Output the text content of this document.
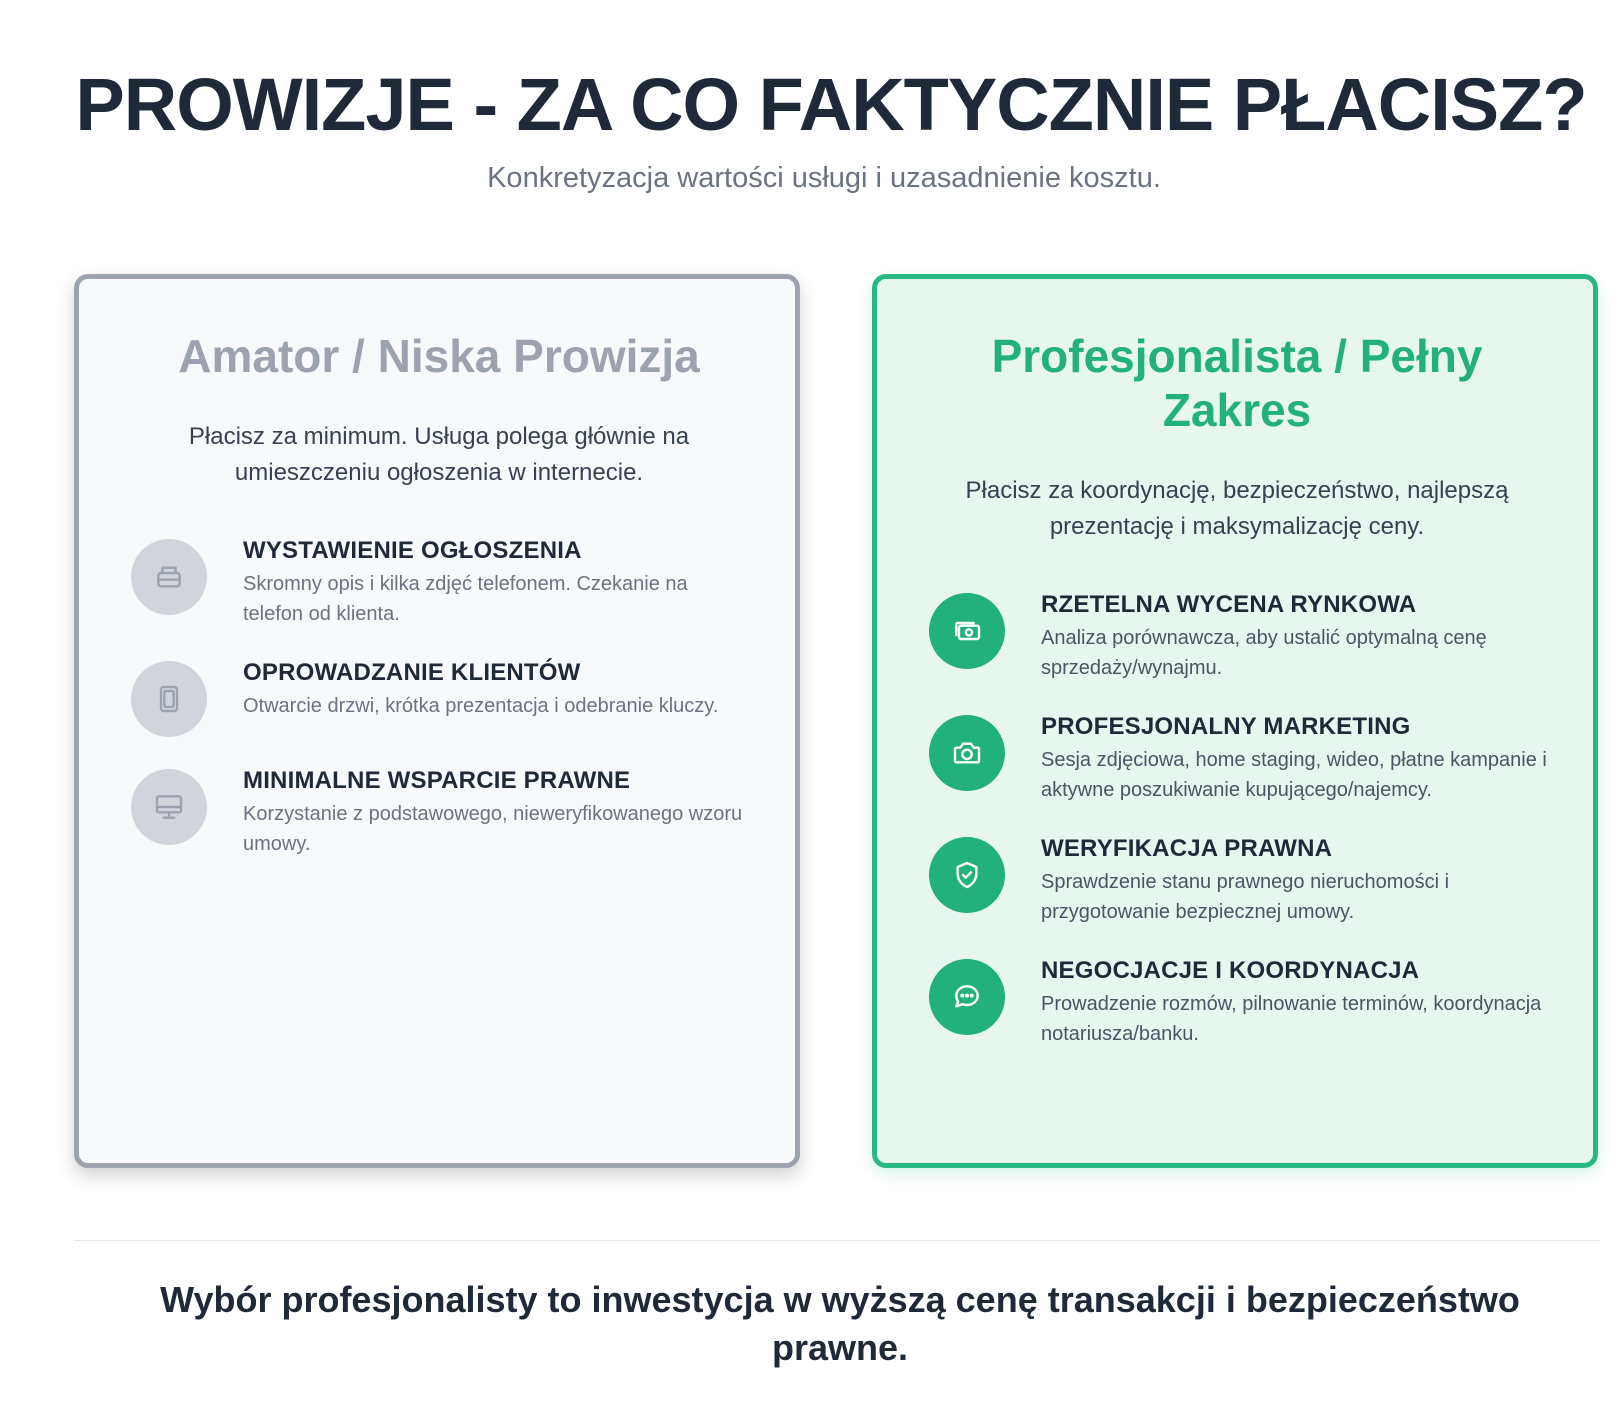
PROWIZJE - ZA CO FAKTYCZNIE PŁACISZ?

Konkretyzacja wartości usługi i uzasadnienie kosztu.

Amator / Niska Prowizja

Płacisz za minimum. Usługa polega głównie na umieszczeniu ogłoszenia w internecie.

WYSTAWIENIE OGŁOSZENIA
Skromny opis i kilka zdjęć telefonem. Czekanie na telefon od klienta.
OPROWADZANIE KLIENTÓW
Otwarcie drzwi, krótka prezentacja i odebranie kluczy.
MINIMALNE WSPARCIE PRAWNE
Korzystanie z podstawowego, nieweryfikowanego wzoru umowy.
Profesjonalista / Pełny Zakres

Płacisz za koordynację, bezpieczeństwo, najlepszą prezentację i maksymalizację ceny.

RZETELNA WYCENA RYNKOWA
Analiza porównawcza, aby ustalić optymalną cenę sprzedaży/wynajmu.
PROFESJONALNY MARKETING
Sesja zdjęciowa, home staging, wideo, płatne kampanie i aktywne poszukiwanie kupującego/najemcy.
WERYFIKACJA PRAWNA
Sprawdzenie stanu prawnego nieruchomości i przygotowanie bezpiecznej umowy.
NEGOCJACJE I KOORDYNACJA
Prowadzenie rozmów, pilnowanie terminów, koordynacja notariusza/banku.

Wybór profesjonalisty to inwestycja w wyższą cenę transakcji i bezpieczeństwo prawne.
